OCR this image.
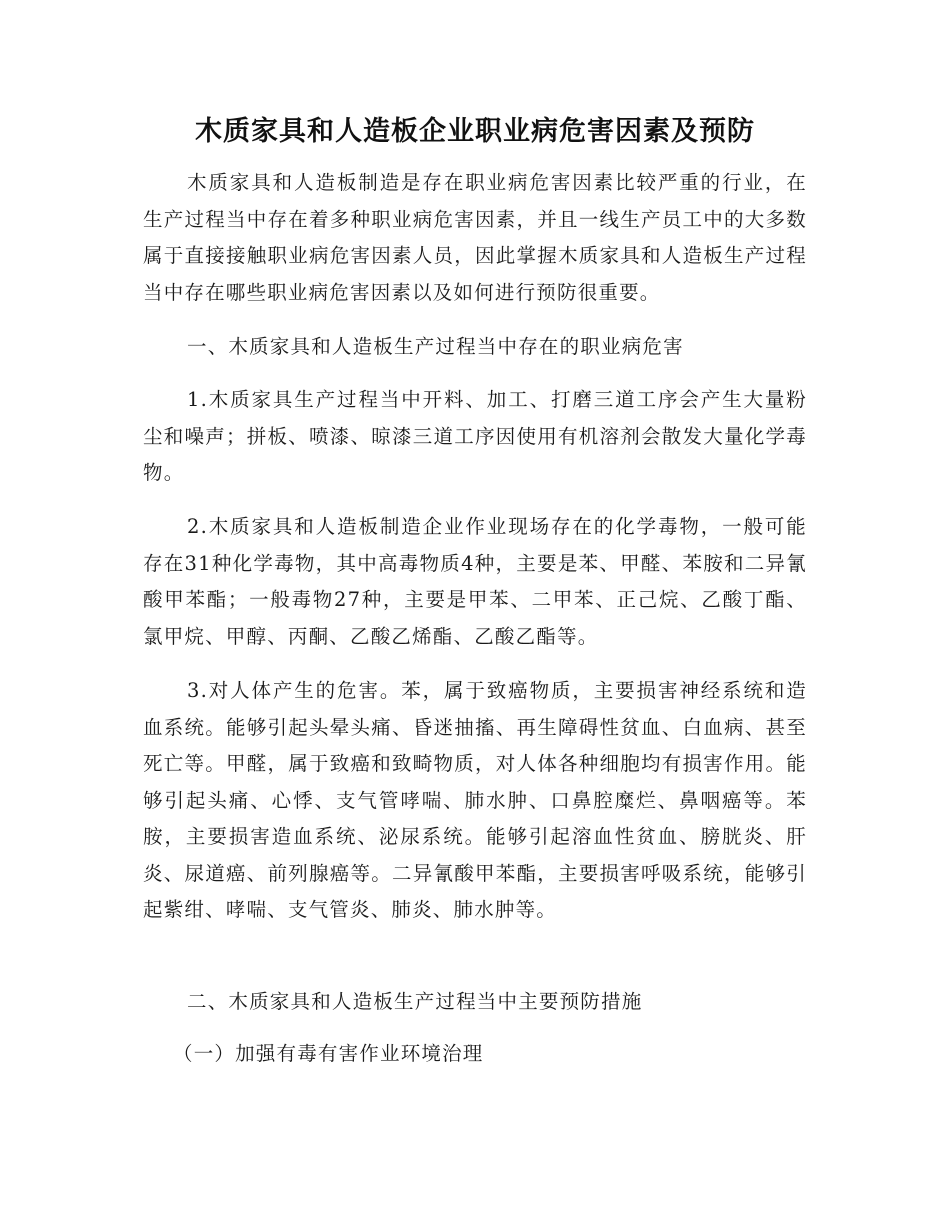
木质家具和人造板企业职业病危害因素及预防

木质家具和人造板制造是存在职业病危害因素比较严重的行业，在生产过程当中存在着多种职业病危害因素，并且一线生产员工中的大多数属于直接接触职业病危害因素人员，因此掌握木质家具和人造板生产过程当中存在哪些职业病危害因素以及如何进行预防很重要。

一、木质家具和人造板生产过程当中存在的职业病危害

1.木质家具生产过程当中开料、加工、打磨三道工序会产生大量粉尘和噪声；拼板、喷漆、晾漆三道工序因使用有机溶剂会散发大量化学毒物。

2.木质家具和人造板制造企业作业现场存在的化学毒物，一般可能存在31种化学毒物，其中高毒物质4种，主要是苯、甲醛、苯胺和二异氰酸甲苯酯；一般毒物27种，主要是甲苯、二甲苯、正己烷、乙酸丁酯、氯甲烷、甲醇、丙酮、乙酸乙烯酯、乙酸乙酯等。

3.对人体产生的危害。苯，属于致癌物质，主要损害神经系统和造血系统。能够引起头晕头痛、昏迷抽搐、再生障碍性贫血、白血病、甚至死亡等。甲醛，属于致癌和致畸物质，对人体各种细胞均有损害作用。能够引起头痛、心悸、支气管哮喘、肺水肿、口鼻腔糜烂、鼻咽癌等。苯胺，主要损害造血系统、泌尿系统。能够引起溶血性贫血、膀胱炎、肝炎、尿道癌、前列腺癌等。二异氰酸甲苯酯，主要损害呼吸系统，能够引起紫绀、哮喘、支气管炎、肺炎、肺水肿等。

二、木质家具和人造板生产过程当中主要预防措施

（一）加强有毒有害作业环境治理
